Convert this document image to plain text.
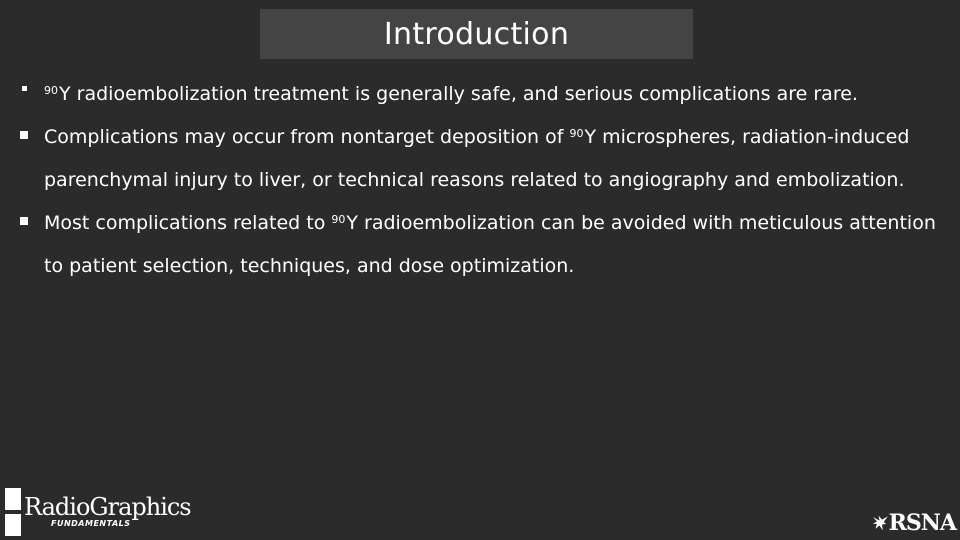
Introduction
$^{90}$Y radioembolization treatment is generally safe, and serious complications are rare.
Complications may occur from nontarget deposition of $^{90}$Y microspheres, radiation-induced parenchymal injury to liver, or technical reasons related to angiography and embolization.
Most complications related to $^{90}$Y radioembolization can be avoided with meticulous attention to patient selection, techniques, and dose optimization.
RadioGraphics
FUNDAMENTALS	RSNA
